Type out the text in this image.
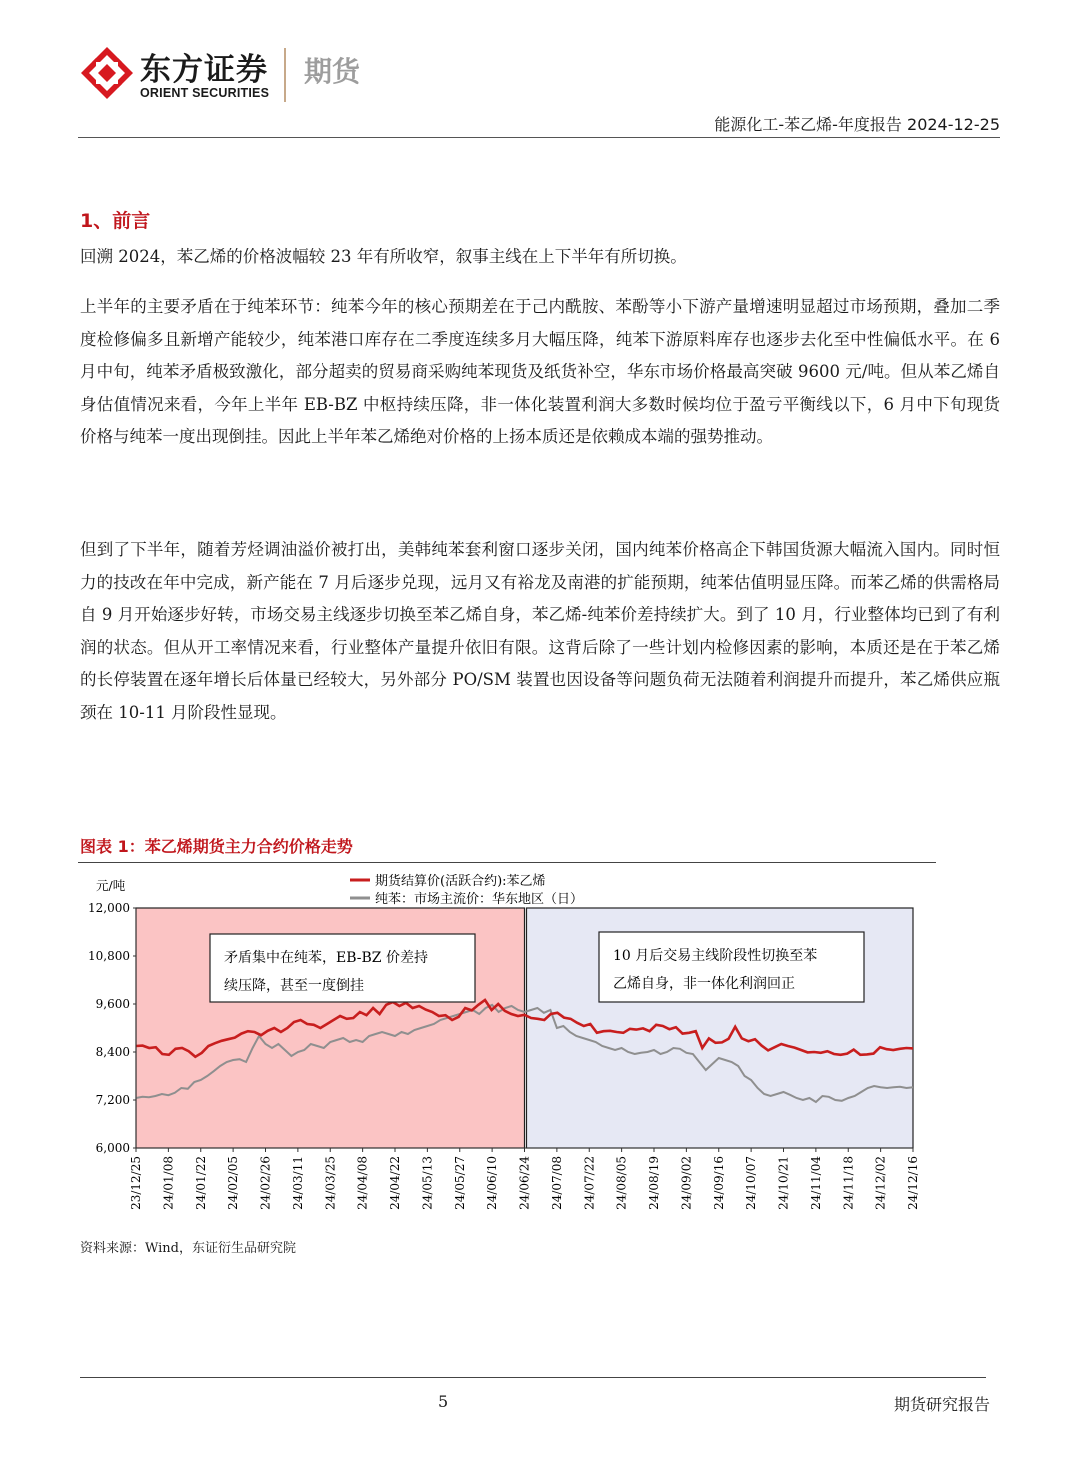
东方证券
ORIENT SECURITIES
期货
能源化工-苯乙烯-年度报告 2024-12-25
1、前言

回溯 2024，苯乙烯的价格波幅较 23 年有所收窄，叙事主线在上下半年有所切换。

上半年的主要矛盾在于纯苯环节：纯苯今年的核心预期差在于己内酰胺、苯酚等小下游产量增速明显超过市场预期，叠加二季度检修偏多且新增产能较少，纯苯港口库存在二季度连续多月大幅压降，纯苯下游原料库存也逐步去化至中性偏低水平。在 6 月中旬，纯苯矛盾极致激化，部分超卖的贸易商采购纯苯现货及纸货补空，华东市场价格最高突破 9600 元/吨。但从苯乙烯自身估值情况来看，今年上半年 EB-BZ 中枢持续压降，非一体化装置利润大多数时候均位于盈亏平衡线以下，6 月中下旬现货价格与纯苯一度出现倒挂。因此上半年苯乙烯绝对价格的上扬本质还是依赖成本端的强势推动。

但到了下半年，随着芳烃调油溢价被打出，美韩纯苯套利窗口逐步关闭，国内纯苯价格高企下韩国货源大幅流入国内。同时恒力的技改在年中完成，新产能在 7 月后逐步兑现，远月又有裕龙及南港的扩能预期，纯苯估值明显压降。而苯乙烯的供需格局自 9 月开始逐步好转，市场交易主线逐步切换至苯乙烯自身，苯乙烯-纯苯价差持续扩大。到了 10 月，行业整体均已到了有利润的状态。但从开工率情况来看，行业整体产量提升依旧有限。这背后除了一些计划内检修因素的影响，本质还是在于苯乙烯的长停装置在逐年增长后体量已经较大，另外部分 PO/SM 装置也因设备等问题负荷无法随着利润提升而提升，苯乙烯供应瓶颈在 10-11 月阶段性显现。

图表 1：苯乙烯期货主力合约价格走势
6,000
7,200
8,400
9,600
10,800
12,000
23/12/25 24/01/08 24/01/22 24/02/05 24/02/26 24/03/11 24/03/25 24/04/08 24/04/22 24/05/13 24/05/27 24/06/10 24/06/24 24/07/08 24/07/22 24/08/05 24/08/19 24/09/02 24/09/16 24/10/07 24/10/21 24/11/04 24/11/18 24/12/02 24/12/16
元/吨	期货结算价(活跃合约):苯乙烯
纯苯：市场主流价：华东地区（日）
矛盾集中在纯苯，EB-BZ 价差持
续压降，甚至一度倒挂
10 月后交易主线阶段性切换至苯
乙烯自身，非一体化利润回正
资料来源：Wind，东证衍生品研究院
5	期货研究报告
